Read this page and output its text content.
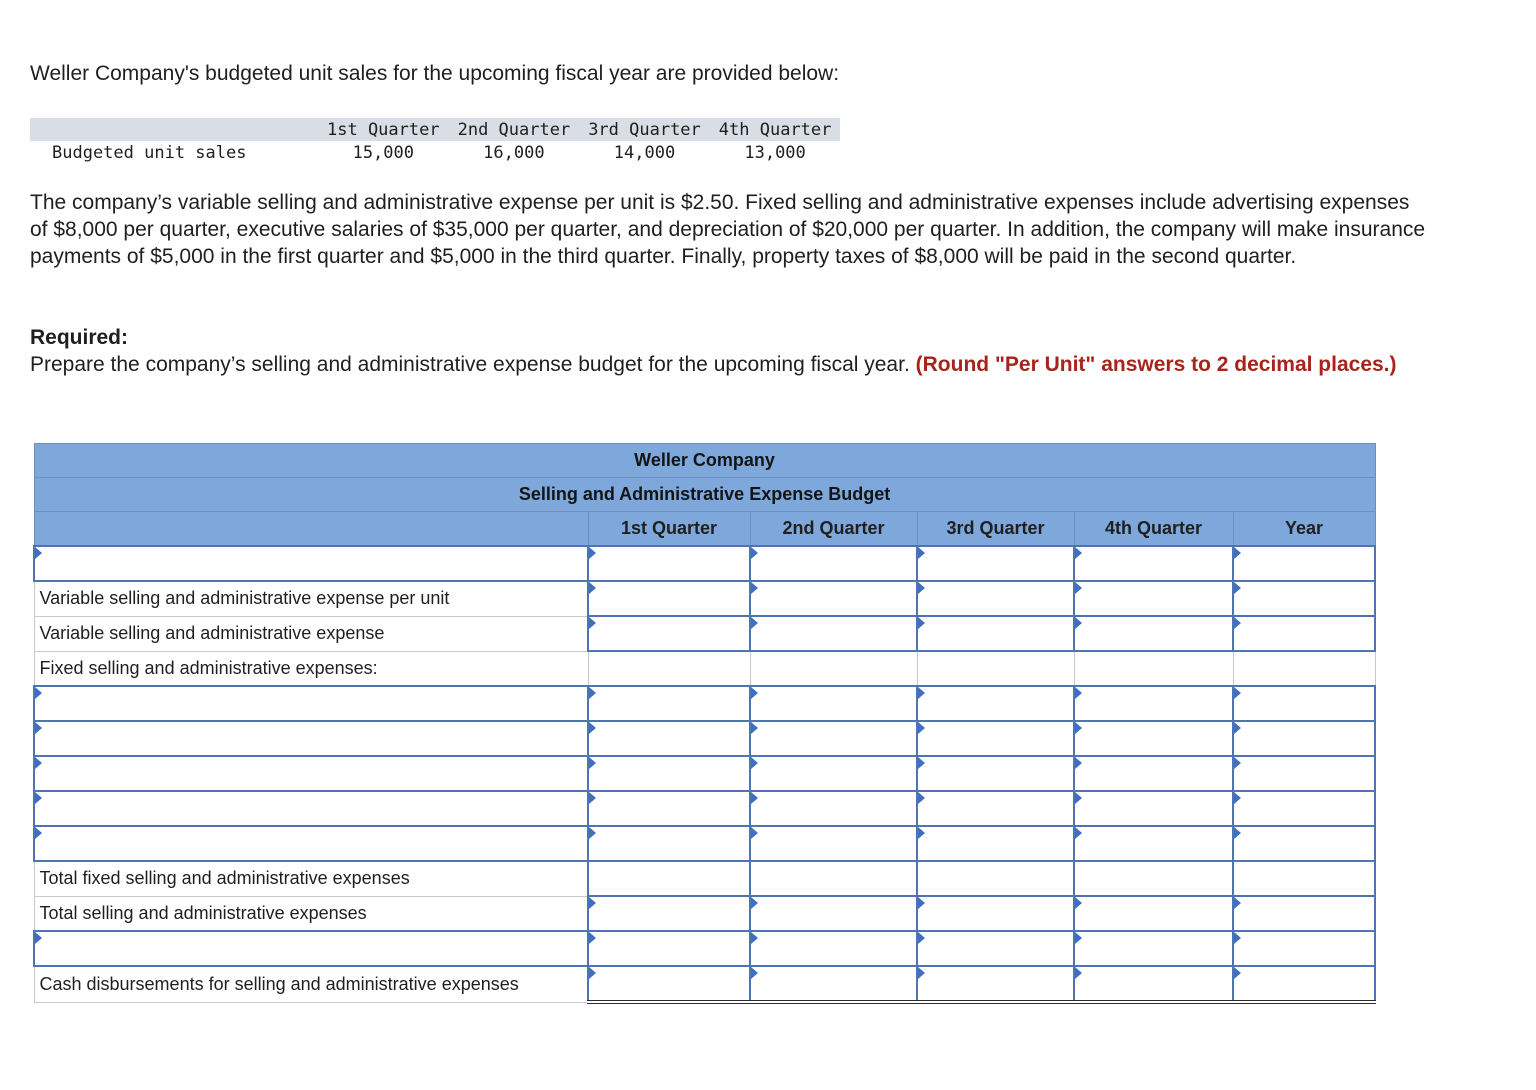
Weller Company's budgeted unit sales for the upcoming fiscal year are provided below:

	1st Quarter	2nd Quarter	3rd Quarter	4th Quarter
Budgeted unit sales	15,000	16,000	14,000	13,000

The company’s variable selling and administrative expense per unit is $2.50. Fixed selling and administrative expenses include advertising expenses of $8,000 per quarter, executive salaries of $35,000 per quarter, and depreciation of $20,000 per quarter. In addition, the company will make insurance payments of $5,000 in the first quarter and $5,000 in the third quarter. Finally, property taxes of $8,000 will be paid in the second quarter.

Required:
Prepare the company’s selling and administrative expense budget for the upcoming fiscal year. (Round "Per Unit" answers to 2 decimal places.)
Weller Company					
Selling and Administrative Expense Budget					
	1st Quarter	2nd Quarter	3rd Quarter	4th Quarter	Year

Variable selling and administrative expense per unit	

Variable selling and administrative expense	

Fixed selling and administrative expenses:					

Total fixed selling and administrative expenses					
Total selling and administrative expenses	

Cash disbursements for selling and administrative expenses	
